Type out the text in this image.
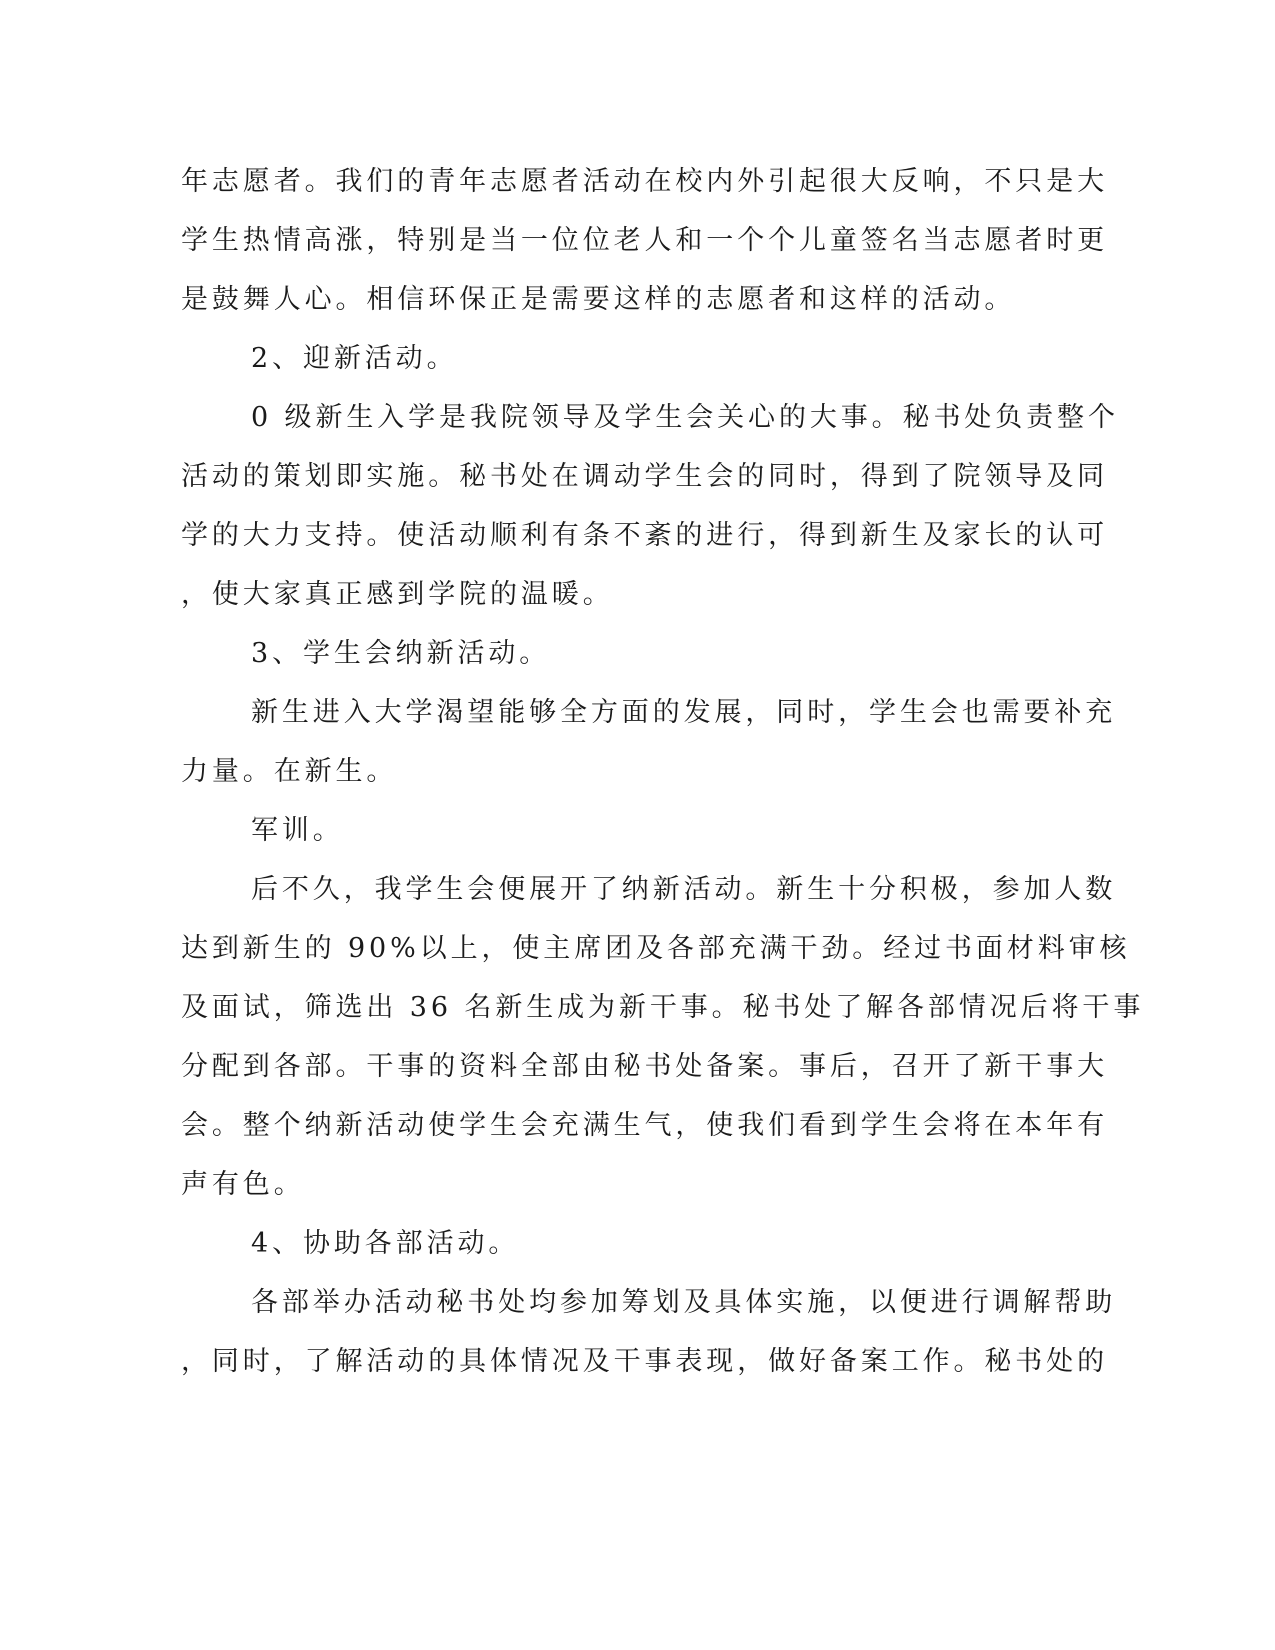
年志愿者。我们的青年志愿者活动在校内外引起很大反响，不只是大
学生热情高涨，特别是当一位位老人和一个个儿童签名当志愿者时更
是鼓舞人心。相信环保正是需要这样的志愿者和这样的活动。
2、迎新活动。
0 级新生入学是我院领导及学生会关心的大事。秘书处负责整个
活动的策划即实施。秘书处在调动学生会的同时，得到了院领导及同
学的大力支持。使活动顺利有条不紊的进行，得到新生及家长的认可
，使大家真正感到学院的温暖。
3、学生会纳新活动。
新生进入大学渴望能够全方面的发展，同时，学生会也需要补充
力量。在新生。
军训。
后不久，我学生会便展开了纳新活动。新生十分积极，参加人数
达到新生的 90%以上，使主席团及各部充满干劲。经过书面材料审核
及面试，筛选出 36 名新生成为新干事。秘书处了解各部情况后将干事
分配到各部。干事的资料全部由秘书处备案。事后，召开了新干事大
会。整个纳新活动使学生会充满生气，使我们看到学生会将在本年有
声有色。
4、协助各部活动。
各部举办活动秘书处均参加筹划及具体实施，以便进行调解帮助
，同时，了解活动的具体情况及干事表现，做好备案工作。秘书处的
